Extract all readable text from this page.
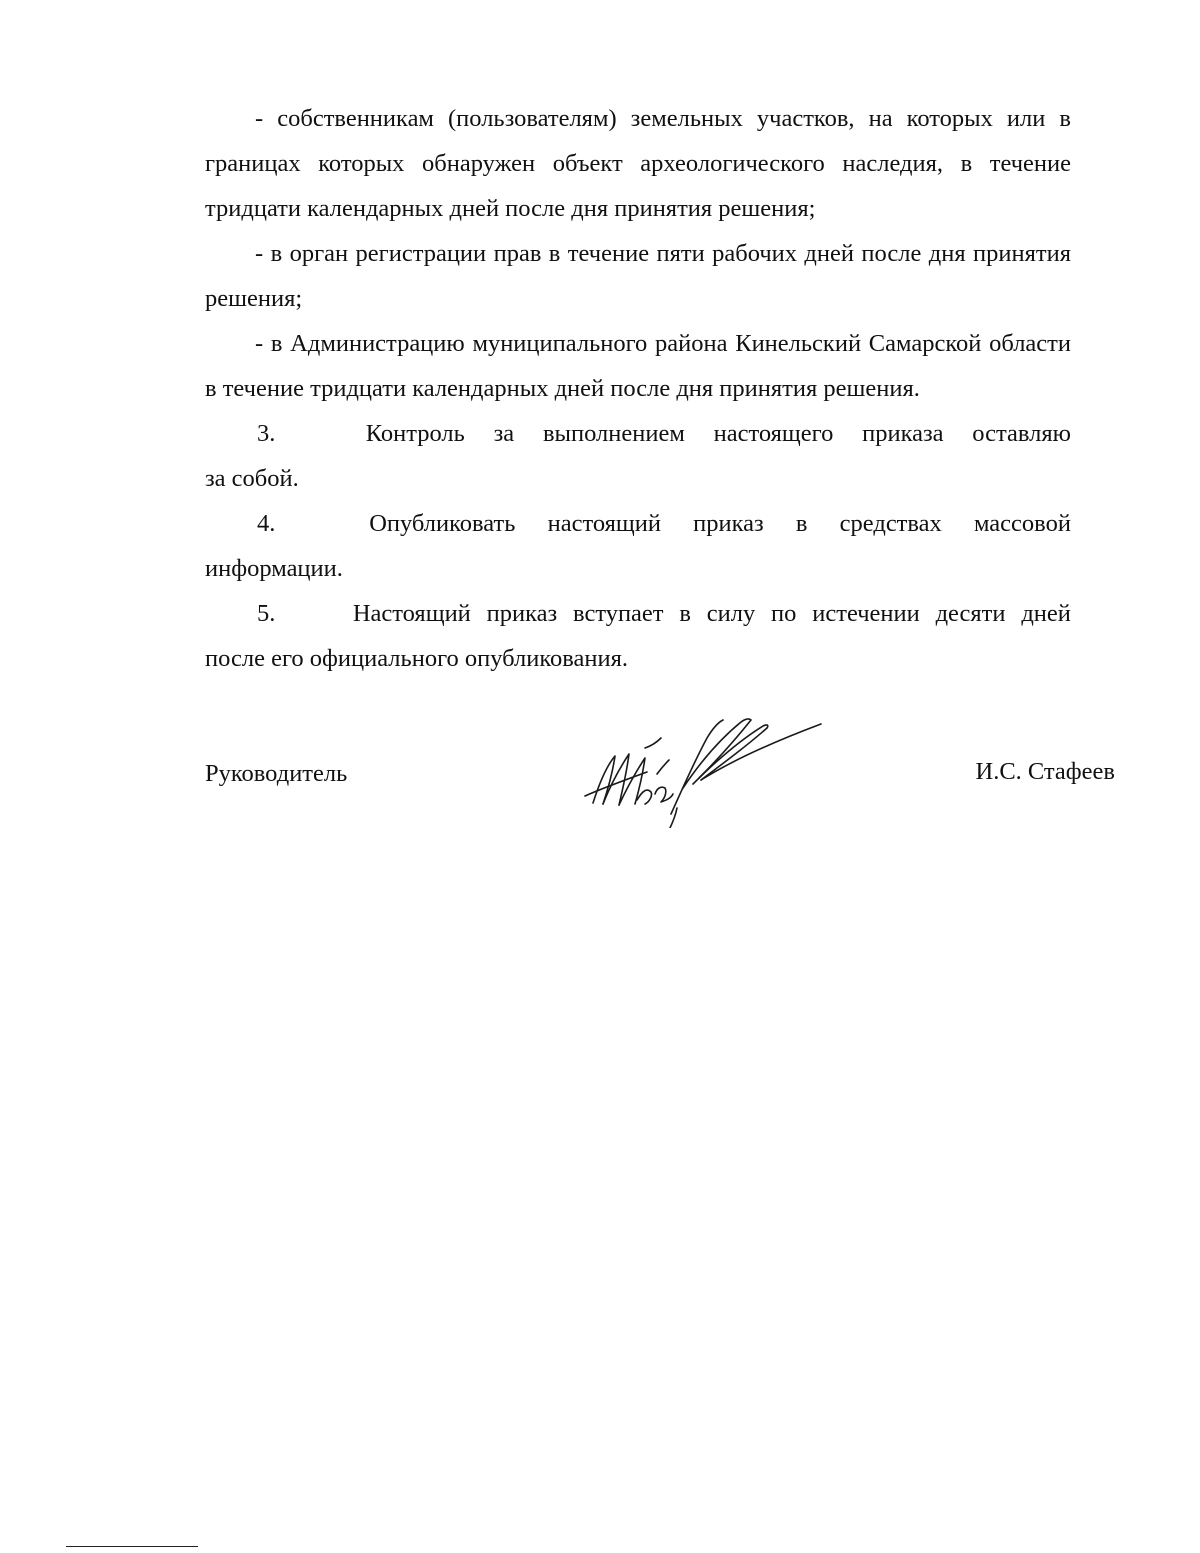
- собственникам (пользователям) земельных участков, на которых или в границах которых обнаружен объект археологического наследия, в течение тридцати календарных дней после дня принятия решения;

- в орган регистрации прав в течение пяти рабочих дней после дня принятия решения;

- в Администрацию муниципального района Кинельский Самарской области в течение тридцати календарных дней после дня принятия решения.

3.	Контроль за выполнением настоящего приказа оставляю
за собой.
4.	Опубликовать настоящий приказ в средствах массовой
информации.
5.	Настоящий приказ вступает в силу по истечении десяти дней
после его официального опубликования.
Руководитель	И.С. Стафеев
